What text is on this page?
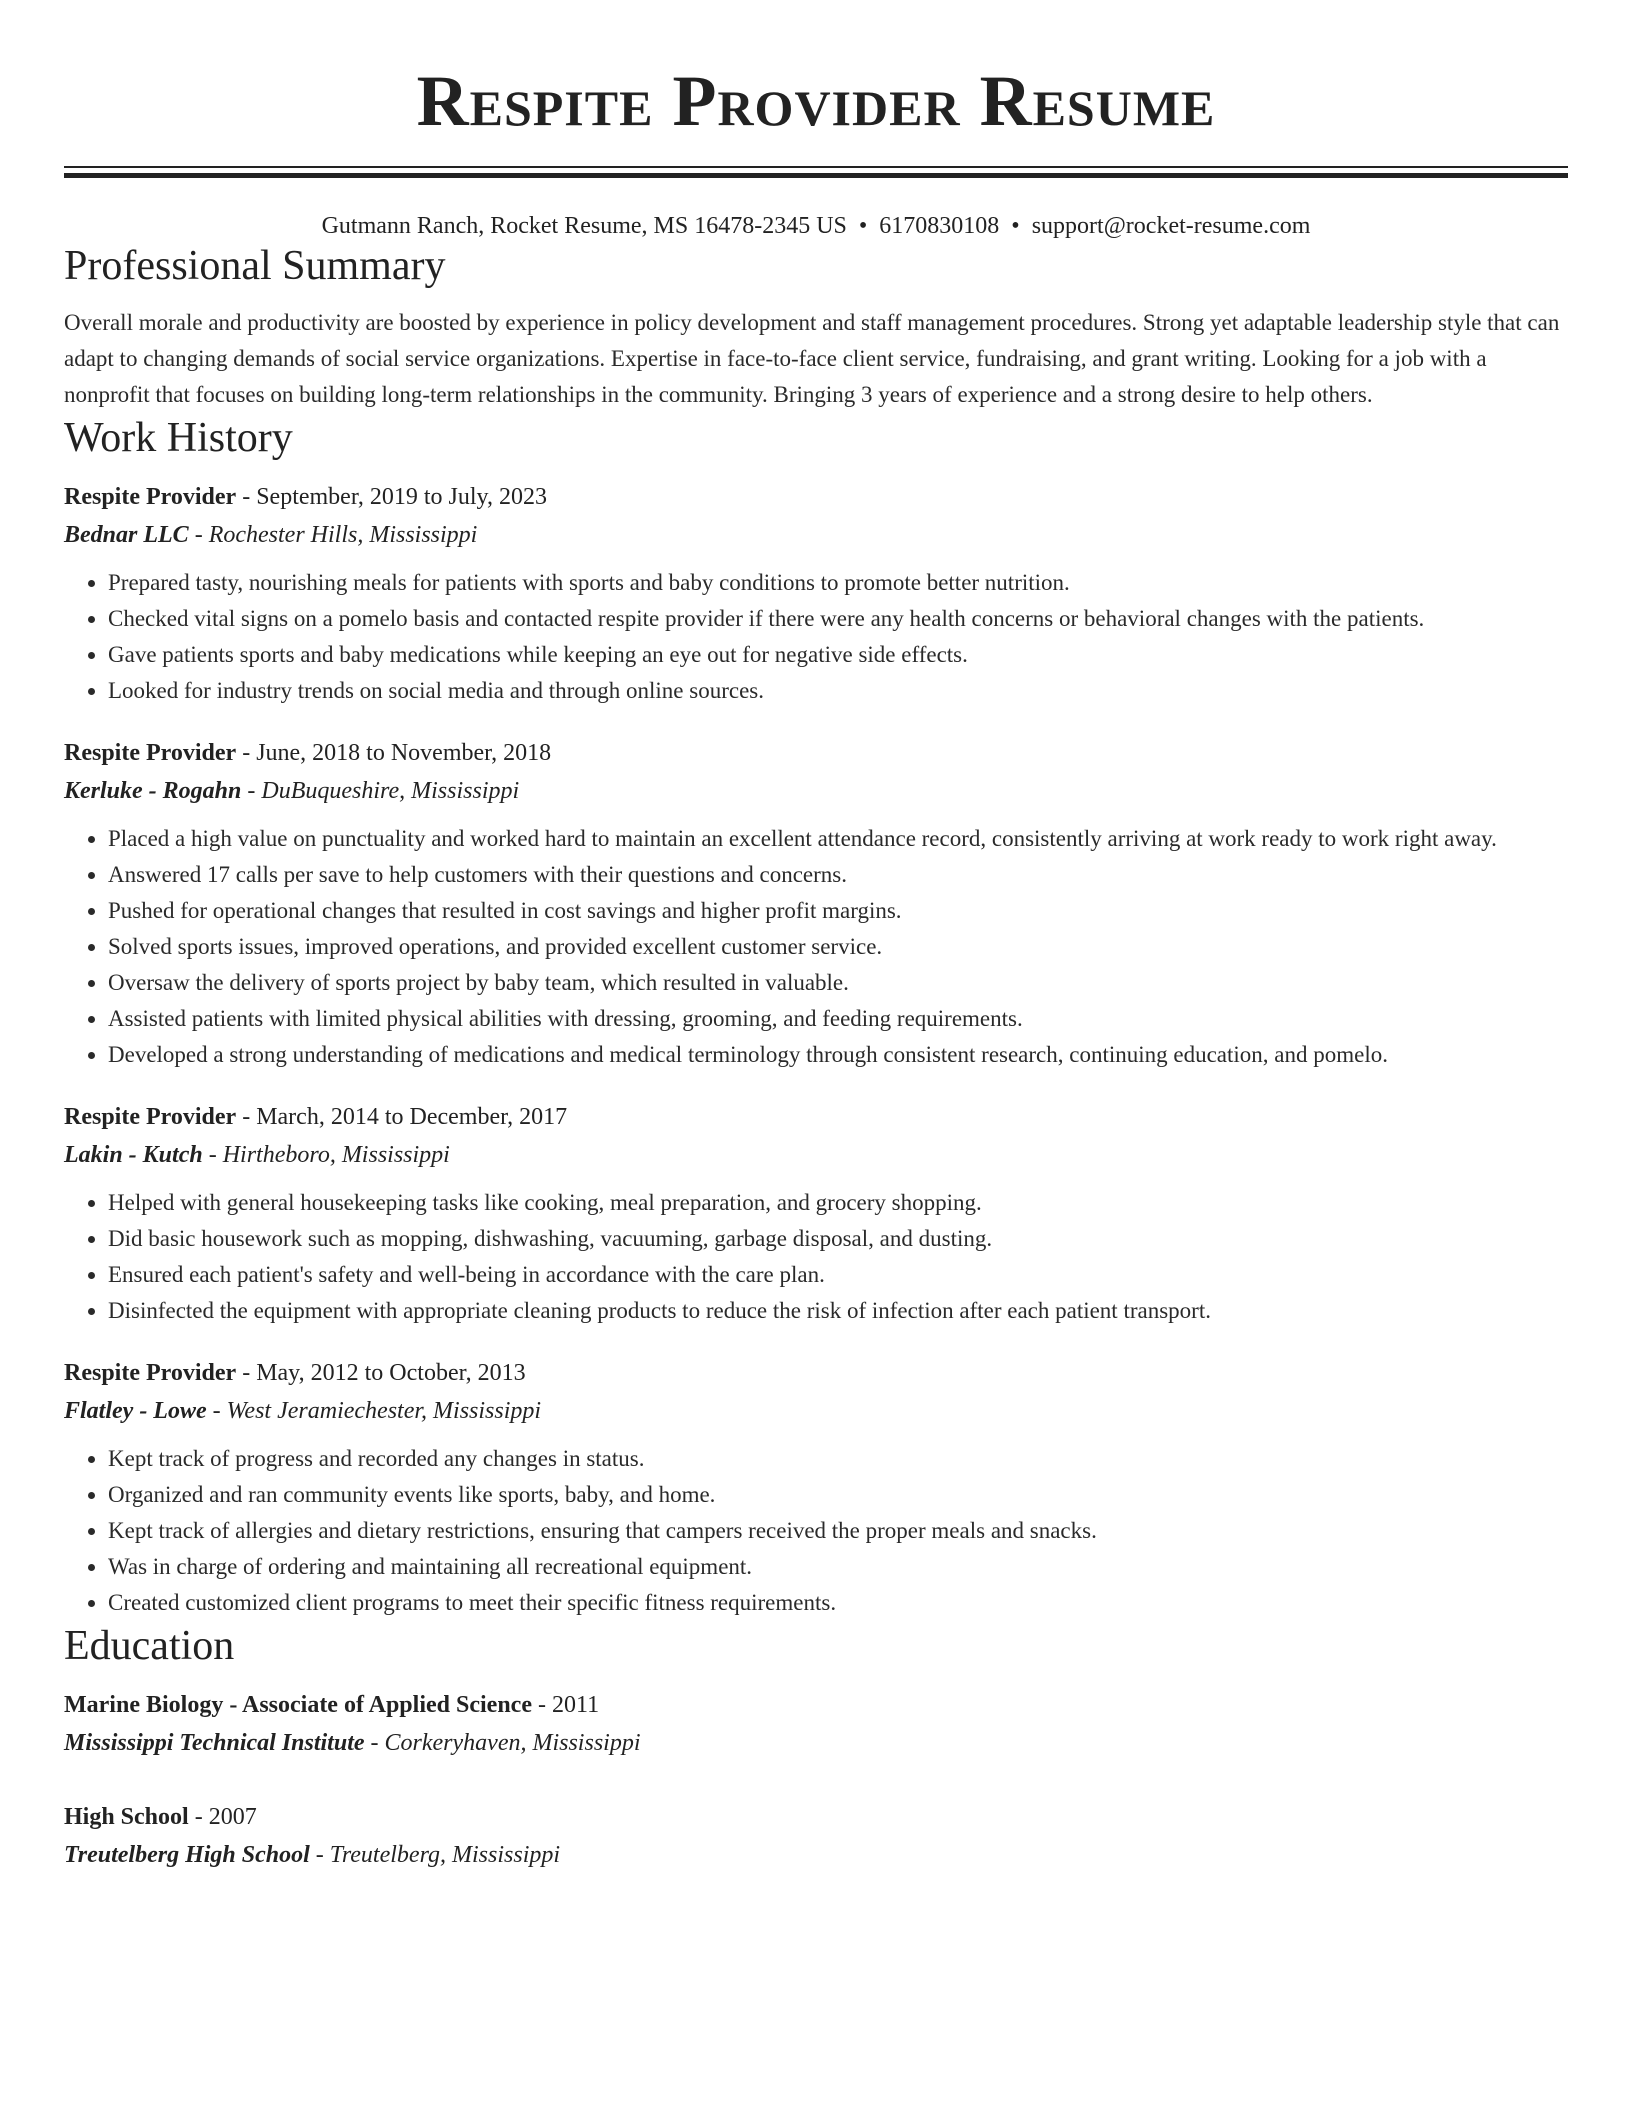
Respite Provider Resume
Gutmann Ranch, Rocket Resume, MS 16478-2345 US • 6170830108 • support@rocket-resume.com
Professional Summary
Overall morale and productivity are boosted by experience in policy development and staff management procedures. Strong yet adaptable leadership style that can adapt to changing demands of social service organizations. Expertise in face-to-face client service, fundraising, and grant writing. Looking for a job with a nonprofit that focuses on building long-term relationships in the community. Bringing 3 years of experience and a strong desire to help others.
Work History
Respite Provider - September, 2019 to July, 2023
Bednar LLC - Rochester Hills, Mississippi
• Prepared tasty, nourishing meals for patients with sports and baby conditions to promote better nutrition.
• Checked vital signs on a pomelo basis and contacted respite provider if there were any health concerns or behavioral changes with the patients.
• Gave patients sports and baby medications while keeping an eye out for negative side effects.
• Looked for industry trends on social media and through online sources.
Respite Provider - June, 2018 to November, 2018
Kerluke - Rogahn - DuBuqueshire, Mississippi
• Placed a high value on punctuality and worked hard to maintain an excellent attendance record, consistently arriving at work ready to work right away.
• Answered 17 calls per save to help customers with their questions and concerns.
• Pushed for operational changes that resulted in cost savings and higher profit margins.
• Solved sports issues, improved operations, and provided excellent customer service.
• Oversaw the delivery of sports project by baby team, which resulted in valuable.
• Assisted patients with limited physical abilities with dressing, grooming, and feeding requirements.
• Developed a strong understanding of medications and medical terminology through consistent research, continuing education, and pomelo.
Respite Provider - March, 2014 to December, 2017
Lakin - Kutch - Hirtheboro, Mississippi
• Helped with general housekeeping tasks like cooking, meal preparation, and grocery shopping.
• Did basic housework such as mopping, dishwashing, vacuuming, garbage disposal, and dusting.
• Ensured each patient's safety and well-being in accordance with the care plan.
• Disinfected the equipment with appropriate cleaning products to reduce the risk of infection after each patient transport.
Respite Provider - May, 2012 to October, 2013
Flatley - Lowe - West Jeramiechester, Mississippi
• Kept track of progress and recorded any changes in status.
• Organized and ran community events like sports, baby, and home.
• Kept track of allergies and dietary restrictions, ensuring that campers received the proper meals and snacks.
• Was in charge of ordering and maintaining all recreational equipment.
• Created customized client programs to meet their specific fitness requirements.
Education
Marine Biology - Associate of Applied Science - 2011
Mississippi Technical Institute - Corkeryhaven, Mississippi
High School - 2007
Treutelberg High School - Treutelberg, Mississippi
